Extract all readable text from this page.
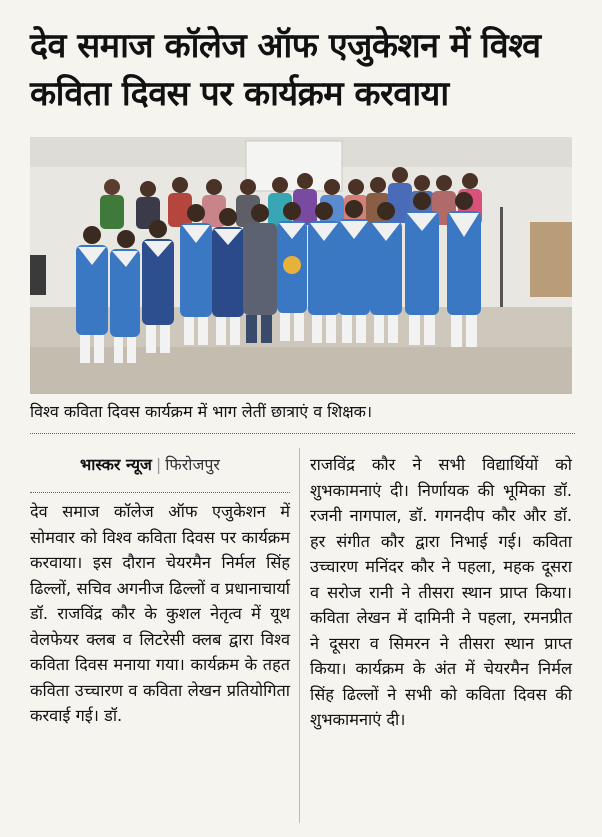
देव समाज कॉलेज ऑफ एजुकेशन में विश्व कविता दिवस पर कार्यक्रम करवाया
विश्व कविता दिवस कार्यक्रम में भाग लेतीं छात्राएं व शिक्षक।
भास्कर न्यूज | फिरोजपुर
देव समाज कॉलेज ऑफ एजुकेशन में सोमवार को विश्व कविता दिवस पर कार्यक्रम करवाया। इस दौरान चेयरमैन निर्मल सिंह ढिल्लों, सचिव अगनीज ढिल्लों व प्रधानाचार्या डॉ. राजविंद्र कौर के कुशल नेतृत्व में यूथ वेलफेयर क्लब व लिटरेसी क्लब द्वारा विश्व कविता दिवस मनाया गया। कार्यक्रम के तहत कविता उच्चारण व कविता लेखन प्रतियोगिता करवाई गई। डॉ.
राजविंद्र कौर ने सभी विद्यार्थियों को शुभकामनाएं दी। निर्णायक की भूमिका डॉ. रजनी नागपाल, डॉ. गगनदीप कौर और डॉ. हर संगीत कौर द्वारा निभाई गई। कविता उच्चारण मनिंदर कौर ने पहला, महक दूसरा व सरोज रानी ने तीसरा स्थान प्राप्त किया। कविता लेखन में दामिनी ने पहला, रमनप्रीत ने दूसरा व सिमरन ने तीसरा स्थान प्राप्त किया। कार्यक्रम के अंत में चेयरमैन निर्मल सिंह ढिल्लों ने सभी को कविता दिवस की शुभकामनाएं दी।
